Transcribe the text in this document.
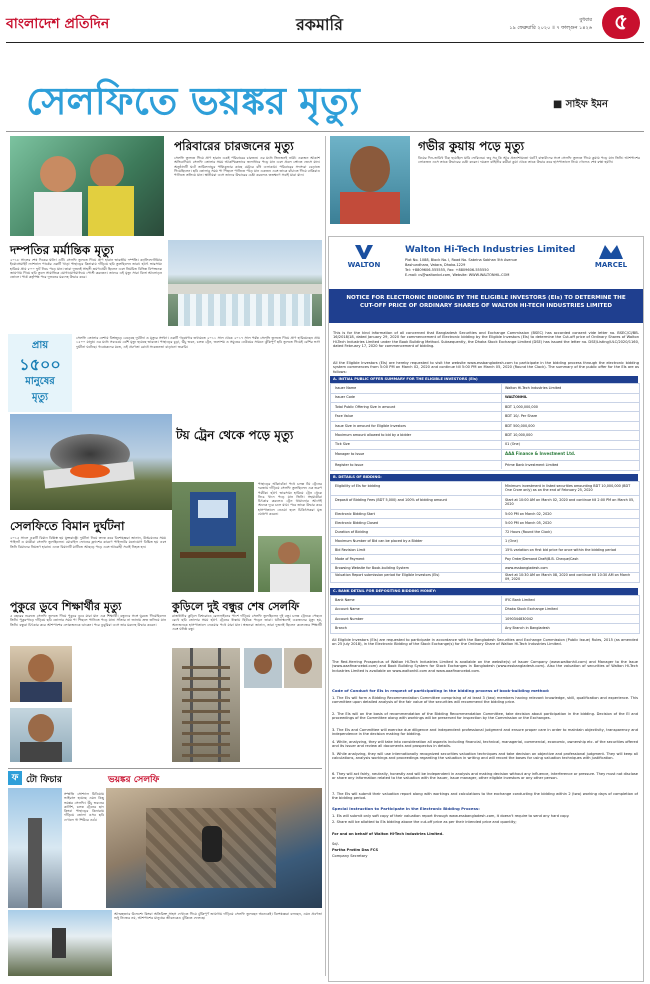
বাংলাদেশ প্রতিদিন	রকমারি	বুধবার
১৯ ফেব্রুয়ারি ২০২০ ॥ ৭ ফাল্গুন ১৪২৬ ৫
সেলফিতে ভয়ঙ্কর মৃত্যু	■ সাইফ ইমন
পরিবারের চারজনের মৃত্যু
সেলফি তুলতে গিয়ে প্রাণ হারান একই পরিবারের চারজন। এর মধ্যে তিনজনই নারী। একজন আকাশ অভিবাদিয়া। সেলফি তোলার সময় আকস্মিকভাবে জলাধারে পড়ে যান এবং প্রবল স্রোতে ভেসে যান। অনুষ্ঠানটি ঘটে তামিলনাড়ুর পঞ্চিকুন্ডার কাছে মেট্টুরে বাঁধ এলাকায়। পরিবারের সদস্যরা বেড়াতে গিয়েছিলেন। ছবি তোলার সময় পা পিছলে পানিতে পড়ে যান একজন এবং তাকে বাঁচাতে গিয়ে বাকিরাও পানিতে তলিয়ে যান। স্থানীয়রা এসে তাদের উদ্ধারের চেষ্টা করলেও ততক্ষণে সবাই মারা যান।
দম্পতির মর্মান্তিক মৃত্যু
২০১৮ সালের শেষ দিকের ঘটনা এটি। সেলফি তুলতে গিয়ে প্রাণ হারান ভারতীয় দম্পতি। ক্যালিফোর্নিয়ার ইয়োসেমাইট ন্যাশনাল পার্কের একটি খাড়া পাহাড়ের কিনারায় দাঁড়িয়ে ছবি তুলছিলেন তারা। হঠাৎ ভারসাম্য হারিয়ে প্রায় ৮০০ ফুট নিচে পড়ে যান। তারা দুজনই সাহসী ভ্রমণপ্রেমী ছিলেন এবং নিয়মিত বিভিন্ন বিপজ্জনক জায়গায় গিয়ে ছবি তুলে সামাজিক যোগাযোগমাধ্যমে পোস্ট করতেন। তাদের এই মৃত্যু সারা বিশ্বে আলোড়ন তোলে। পার্ক কর্তৃপক্ষ পরে দুজনের মরদেহ উদ্ধার করে।
প্রায়
১৫০০
মানুষের
মৃত্যু
সেলফি তোলার নেশায় বিশ্বজুড়ে বেড়েছে দুর্ঘটনা ও মৃত্যুর সংখ্যা। একটি গবেষণার তথ্যমতে ২০১১ সাল থেকে ২০১৭ সাল পর্যন্ত সেলফি তুলতে গিয়ে প্রাণ হারিয়েছেন প্রায় ১৫০০ মানুষ। এর মধ্যে সবচেয়ে বেশি মৃত্যু হয়েছে ভারতে। পাহাড়ের চূড়া, উঁচু ভবন, চলন্ত ট্রেন, জলাশয় ও সমুদ্রের ঢেউয়ের সামনে ঝুঁকিপূর্ণ ছবি তুলতে গিয়েই বেশির ভাগ দুর্ঘটনা ঘটেছে। গবেষকদের মতে, এই প্রবণতা রোধে সচেতনতা বাড়ানো জরুরি।
টয় ট্রেন থেকে পড়ে মৃত্যু
সেলফিতে বিমান দুর্ঘটনা
২০১৫ সালে একটি বিমান বিধ্বস্ত হয় যুক্তরাষ্ট্রে। দুর্ঘটনা নিয়ে তদন্ত করে বিশেষজ্ঞরা জানান, উড্ডয়নের সময় পাইলট ও যাত্রীরা সেলফি তুলছিলেন। মোবাইল ফোনের ফ্ল্যাশের কারণে পাইলটের মনোযোগ বিঘ্নিত হয় এবং তিনি বিমানের নিয়ন্ত্রণ হারান। এতে বিমানটি মাটিতে আছড়ে পড়ে এবং আরোহী সবাই নিহত হন।
পাহাড়ের আঁকাবাঁকা পথে চলন্ত টয় ট্রেনের দরজায় দাঁড়িয়ে সেলফি তুলছিলেন এক তরুণ পর্যটক। হঠাৎ ভারসাম্য হারিয়ে ট্রেন থেকে নিচে খাদে পড়ে যান তিনি। সহযাত্রীরা চিৎকার করলেও ট্রেন থামানোর আগেই অনেক দূরে চলে যায়। পরে তাকে উদ্ধার করে হাসপাতালে নেওয়া হলে চিকিৎসকরা মৃত ঘোষণা করেন।
পুকুরে ডুবে শিক্ষার্থীর মৃত্যু
৫ বছরের শুরুতে সেলফি তুলতে গিয়ে পুকুরে ডুবে মারা যান এক শিক্ষার্থী। বন্ধুদের সঙ্গে ঘুরতে গিয়েছিলেন তিনি। পুকুরপাড়ে দাঁড়িয়ে ছবি তোলার সময় পা পিছলে পানিতে পড়ে যান। সাঁতার না জানায় দ্রুত তলিয়ে যান তিনি। বন্ধুরা চিৎকার করে আশপাশের লোকজনকে ডাকেন। পরে ডুবুরিরা এসে তার মরদেহ উদ্ধার করেন।
কুড়িলে দুই বন্ধুর শেষ সেলফি
রাজধানীর কুড়িল বিশ্বরোডে রেললাইনের পাশে দাঁড়িয়ে সেলফি তুলছিলেন দুই বন্ধু। চলন্ত ট্রেনকে পেছনে রেখে ছবি তোলার সময় হঠাৎ ট্রেনের ধাক্কায় ছিটকে পড়েন তারা। ঘটনাস্থলেই একজনের মৃত্যু হয়, অন্যজনকে হাসপাতালে নেওয়ার পথে মারা যান। স্বজনরা জানান, তারা দুজনই ছিলেন কলেজের শিক্ষার্থী এবং ঘনিষ্ঠ বন্ধু।
ফ টো ফিচার	ভয়ঙ্কর সেলফি
সম্প্রতি সোশ্যাল মিডিয়ায় ভাইরাল হয়েছে এমন কিছু ভয়ঙ্কর সেলফি। উঁচু ভবনের কার্নিশ, চলন্ত ট্রেনের ছাদ কিংবা পাহাড়ের কিনারায় দাঁড়িয়ে তোলা এসব ছবি দেখলে গা শিউরে ওঠে।
আত্মহত্যার উদ্দেশ্যে কিংবা অতিরিক্ত সাহস দেখাতে গিয়ে ঝুঁকিপূর্ণ জায়গায় দাঁড়িয়ে সেলফি তুলছেন অনেকেই। বিশেষজ্ঞরা বলছেন, এমন প্রবণতা শুধু নিজের নয়, আশপাশের মানুষের জীবনকেও ঝুঁকিতে ফেলছে।
গভীর কুয়ায় পড়ে মৃত্যু
বিয়ের দিন-তারিখ ঠিক হয়েছিল যারি ফেরিনের। তবু সব কি আর প্রত্যাশামতো ঘটে? বান্ধবীদের সঙ্গে সেলফি তুলতে গিয়ে কুয়ায় পড়ে যান তিনি। আশপাশের লোকজন এসে তাকে উদ্ধারের চেষ্টা করেন। দমকল বাহিনীর কর্মীরা কুয়া থেকে তাকে উদ্ধার করে হাসপাতালে নিয়ে গেলেও শেষ রক্ষা হয়নি।
WALTON
Walton Hi-Tech Industries Limited
Plot No. 1088, Block No. I, Road No. Sabrina Sobhan 5th Avenue
Bashundhara, Vatara, Dhaka-1229
Tel: +8809606-555555, Fax: +8809606-555550
E-mail: cs@waltonbd.com, Website: WWW.WALTONHIL.COM
MARCEL
NOTICE FOR ELECTRONIC BIDDING BY THE ELIGIBLE INVESTORS (EIs) TO DETERMINE THE CUT-OFF PRICE OF ORDINARY SHARES OF WALTON HI-TECH INDUSTRIES LIMITED
This is for the kind information of all concerned that Bangladesh Securities and Exchange Commission (BSEC) has accorded consent vide letter no. BSEC/CI/BB-16/2018/18, dated January 29, 2020 for commencement of Electronic bidding by the Eligible Investors (EIs) to determine the Cut-off price of Ordinary Shares of Walton Hi-Tech Industries Limited under the Book Building Method. Subsequently, the Dhaka Stock Exchange Limited (DSE) has issued the letter no. DSE/Listing/ULC/2020/1160, dated February 17, 2020 for commencement of bidding.
All the Eligible Investors (EIs) are hereby requested to visit the website www.essbangladesh.com to participate in the bidding process through the electronic bidding system commences from 5:00 PM on March 02, 2020 and continue till 5:00 PM on March 05, 2020 (Round the Clock). The summary of the public offer for the EIs are as follows:
A. INITIAL PUBLIC OFFER SUMMARY FOR THE ELIGIBLE INVESTORS (EIs)
Issuer Name	Walton Hi-Tech Industries Limited
Issuer Code	WALTONHIL
Total Public Offering Size in amount	BDT 1,000,000,000
Face Value	BDT 10/- Per Share
Issue Size in amount for Eligible Investors	BDT 500,000,000
Maximum amount allowed to bid by a bidder	BDT 10,000,000
Tick Size	01 (One)
Manager to Issue	AAA Finance & Investment Ltd.
Register to Issue	Prime Bank Investment Limited
B. DETAILS OF BIDDING:
Eligibility of EIs for bidding	Minimum investment in listed securities amounting BDT 10,000,000 (BDT One Crore only) as on the end of February 25, 2020
Deposit of Bidding Fees (BDT 5,000) and 100% of bidding amount	Start at 10:00 AM on March 02, 2020 and continue till 2:00 PM on March 05, 2020
Electronic Bidding Start	5:00 PM on March 02, 2020
Electronic Bidding Closed	5:00 PM on March 05, 2020
Duration of Bidding	72 Hours (Round the Clock)
Maximum Number of Bid can be placed by a Bidder	1 (One)
Bid Revision Limit	15% variation on first bid price for once within the bidding period
Mode of Payment	Pay Order/Demand Draft/B.B. Cheque/Cash
Browsing Website for Book-building System	www.essbangladesh.com
Valuation Report submission period for Eligible Investors (EIs)	Start at 10:30 AM on March 08, 2020 and continue till 10:30 AM on March 09, 2020
C. BANK DETAIL FOR DEPOSITING BIDDING MONEY:
Bank Name	IFIC Bank Limited
Account Name	Dhaka Stock Exchange Limited
Account Number	1090344830042
Branch	Any Branch in Bangladesh
All Eligible Investors (EIs) are requested to participate in accordance with the Bangladesh Securities and Exchange Commission (Public Issue) Rules, 2015 (as amended on 25 July 2018), in the Electronic Bidding of the Stock Exchange(s) for the Ordinary Share of Walton Hi-Tech Industries Limited.
The Red-Herring Prospectus of Walton Hi-Tech Industries Limited is available on the website(s) of Issuer Company (www.waltonhil.com) and Manager to the Issue (www.aaafinancebd.com) and Book Building System for Stock Exchanges in Bangladesh (www.essbangladesh.com). Also the valuation of securities of Walton Hi-Tech Industries Limited is available on www.waltonhil.com and www.aaafinancebd.com.
Code of Conduct for EIs in respect of participating in the bidding process of book-building method:
1. The EIs will form a Bidding Recommendation Committee comprising of at least 3 (two) members having relevant knowledge, skill, qualification and experience. This committee upon detailed analysis of the fair value of the securities will recommend the bidding price.
2. The EIs will on the basis of recommendation of the Bidding Recommendation Committee, take decision about participation in the bidding. Decision of the EI and proceedings of the Committee along with workings will be preserved for inspection by the Commission or the Exchanges.
3. The EIs and Committee will exercise due diligence and independent professional judgment and ensure proper care in order to maintain objectivity, transparency and independence in the decision making for bidding.
4. While, analyzing, they will take into consideration all aspects including financial, technical, managerial, commercial, economic, ownership etc. of the securities offered and its issuer and review all documents and prospectus in details.
5. While analyzing, they will use internationally recognized securities valuation techniques and take decision on objective and professional judgment. They will keep all calculations, analysis workings and proceedings regarding the valuation in writing and will record the bases for using valuation techniques with justification.
6. They will act fairly, neutrally, honestly and will be independent in analysis and making decision without any influence, interference or pressure. They must not disclose or share any information related to the valuation with the issuer, issue manager, other eligible investors or any other person.
7. The EIs will submit their valuation report along with workings and calculations to the exchange conducting the bidding within 2 (two) working days of completion of the bidding period.
Special Instruction to Participate in the Electronic Bidding Process:
1. EIs will submit only soft copy of their valuation report through www.essbangladesh.com, it doesn't require to send any hard copy.
2. Share will be allotted to EIs bidding above the cut-off price as per their intended price and quantity;
For and on behalf of Walton Hi-Tech Industries Limited.
Sd/-
Partha Protim Das FCS
Company Secretary
